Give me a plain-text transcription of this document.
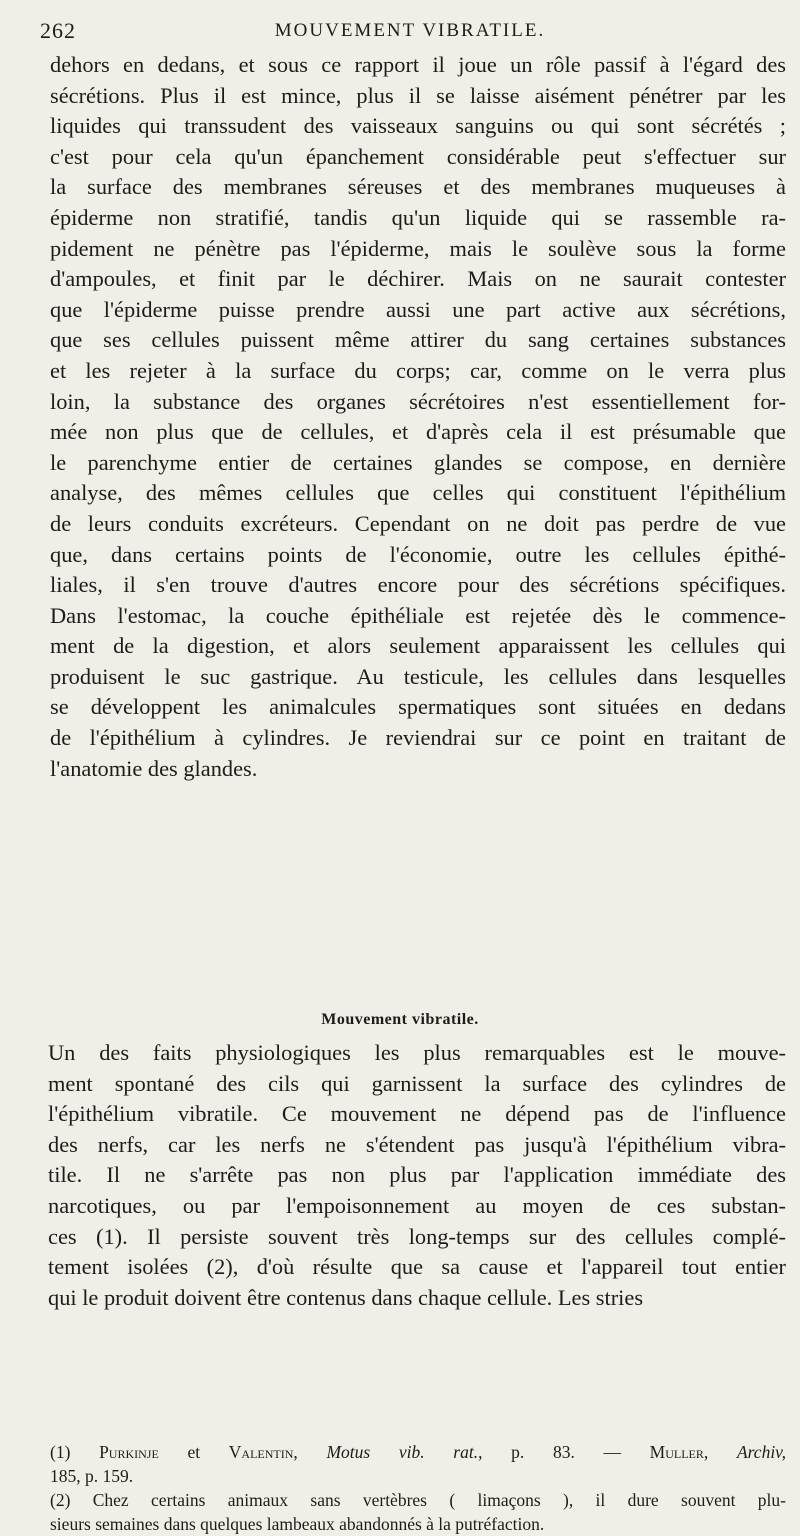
262	MOUVEMENT VIBRATILE.

dehors en dedans, et sous ce rapport il joue un rôle passif à l'égard des
sécrétions. Plus il est mince, plus il se laisse aisément pénétrer par les
liquides qui transsudent des vaisseaux sanguins ou qui sont sécrétés ;
c'est pour cela qu'un épanchement considérable peut s'effectuer sur
la surface des membranes séreuses et des membranes muqueuses à
épiderme non stratifié, tandis qu'un liquide qui se rassemble ra-
pidement ne pénètre pas l'épiderme, mais le soulève sous la forme
d'ampoules, et finit par le déchirer. Mais on ne saurait contester
que l'épiderme puisse prendre aussi une part active aux sécrétions,
que ses cellules puissent même attirer du sang certaines substances
et les rejeter à la surface du corps; car, comme on le verra plus
loin, la substance des organes sécrétoires n'est essentiellement for-
mée non plus que de cellules, et d'après cela il est présumable que
le parenchyme entier de certaines glandes se compose, en dernière
analyse, des mêmes cellules que celles qui constituent l'épithélium
de leurs conduits excréteurs. Cependant on ne doit pas perdre de vue
que, dans certains points de l'économie, outre les cellules épithé-
liales, il s'en trouve d'autres encore pour des sécrétions spécifiques.
Dans l'estomac, la couche épithéliale est rejetée dès le commence-
ment de la digestion, et alors seulement apparaissent les cellules qui
produisent le suc gastrique. Au testicule, les cellules dans lesquelles
se développent les animalcules spermatiques sont situées en dedans
de l'épithélium à cylindres. Je reviendrai sur ce point en traitant de
l'anatomie des glandes.

Mouvement vibratile.

Un des faits physiologiques les plus remarquables est le mouve-
ment spontané des cils qui garnissent la surface des cylindres de
l'épithélium vibratile. Ce mouvement ne dépend pas de l'influence
des nerfs, car les nerfs ne s'étendent pas jusqu'à l'épithélium vibra-
tile. Il ne s'arrête pas non plus par l'application immédiate des
narcotiques, ou par l'empoisonnement au moyen de ces substan-
ces (1). Il persiste souvent très long-temps sur des cellules complé-
tement isolées (2), d'où résulte que sa cause et l'appareil tout entier
qui le produit doivent être contenus dans chaque cellule. Les stries

(1) Purkinje et Valentin, Motus vib. rat., p. 83. — Muller, Archiv,
185, p. 159.

(2) Chez certains animaux sans vertèbres ( limaçons ), il dure souvent plu-
sieurs semaines dans quelques lambeaux abandonnés à la putréfaction.
